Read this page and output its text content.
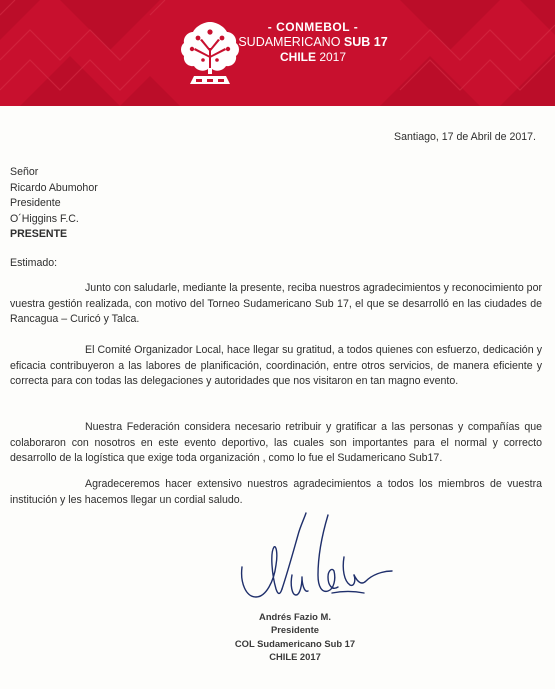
- CONMEBOL -
SUDAMERICANO SUB 17
CHILE 2017
Santiago, 17 de Abril de 2017.
Señor
Ricardo Abumohor
Presidente
O´Higgins F.C.
PRESENTE
Estimado:
Junto con saludarle, mediante la presente, reciba nuestros agradecimientos y reconocimiento por vuestra gestión realizada, con motivo del Torneo Sudamericano Sub 17, el que se desarrolló en las ciudades de Rancagua – Curicó y Talca.
El Comité Organizador Local, hace llegar su gratitud, a todos quienes con esfuerzo, dedicación y eficacia contribuyeron a las labores de planificación, coordinación, entre otros servicios, de manera eficiente y correcta para con todas las delegaciones y autoridades que nos visitaron en tan magno evento.
Nuestra Federación considera necesario retribuir y gratificar a las personas y compañías que colaboraron con nosotros en este evento deportivo, las cuales son importantes para el normal y correcto desarrollo de la logística que exige toda organización , como lo fue el Sudamericano Sub17.
Agradeceremos hacer extensivo nuestros agradecimientos a todos los miembros de vuestra institución y les hacemos llegar un cordial saludo.
Andrés Fazio M.
Presidente
COL Sudamericano Sub 17
CHILE 2017
